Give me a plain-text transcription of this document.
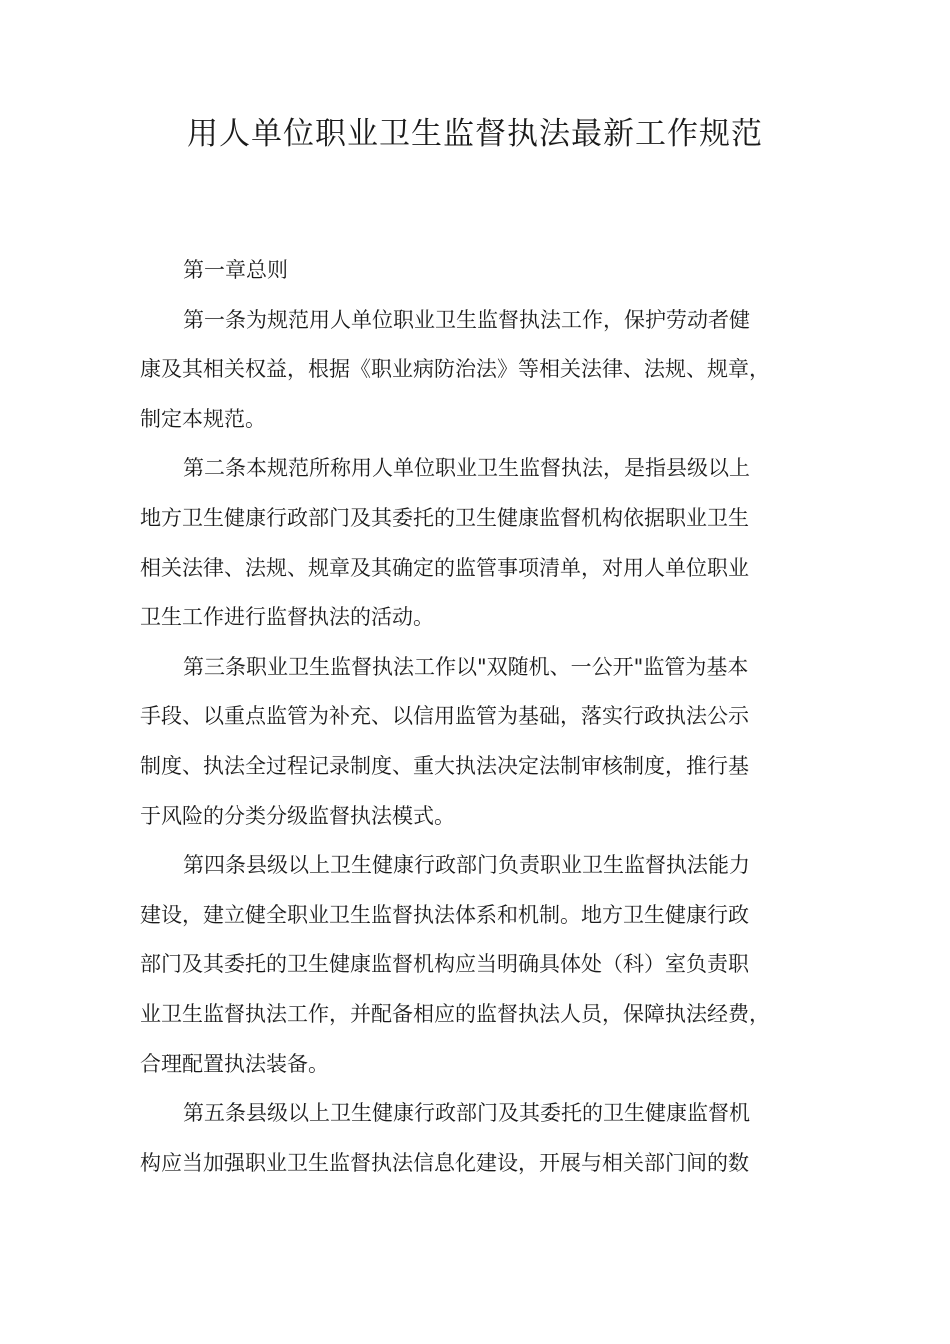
用人单位职业卫生监督执法最新工作规范
第一章总则
第一条为规范用人单位职业卫生监督执法工作，保护劳动者健
康及其相关权益，根据《职业病防治法》等相关法律、法规、规章，
制定本规范。
第二条本规范所称用人单位职业卫生监督执法，是指县级以上
地方卫生健康行政部门及其委托的卫生健康监督机构依据职业卫生
相关法律、法规、规章及其确定的监管事项清单，对用人单位职业
卫生工作进行监督执法的活动。
第三条职业卫生监督执法工作以"双随机、一公开"监管为基本
手段、以重点监管为补充、以信用监管为基础，落实行政执法公示
制度、执法全过程记录制度、重大执法决定法制审核制度，推行基
于风险的分类分级监督执法模式。
第四条县级以上卫生健康行政部门负责职业卫生监督执法能力
建设，建立健全职业卫生监督执法体系和机制。地方卫生健康行政
部门及其委托的卫生健康监督机构应当明确具体处（科）室负责职
业卫生监督执法工作，并配备相应的监督执法人员，保障执法经费，
合理配置执法装备。
第五条县级以上卫生健康行政部门及其委托的卫生健康监督机
构应当加强职业卫生监督执法信息化建设，开展与相关部门间的数
